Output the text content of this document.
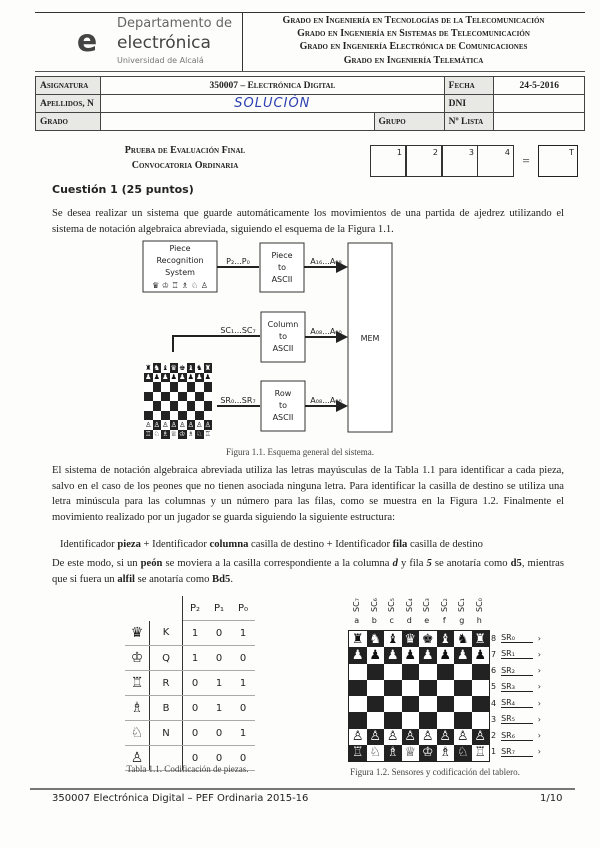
e
Departamento de
electrónica
Universidad de Alcalá
Grado en Ingeniería en Tecnologías de la Telecomunicación
Grado en Ingeniería en Sistemas de Telecomunicación
Grado en Ingeniería Electrónica de Comunicaciones
Grado en Ingeniería Telemática
Asignatura	350007 – Electrónica Digital		Fecha	24-5-2016
Apellidos, N	SOLUCIÓN		DNI	
Grado		Grupo	Nº Lista	
Prueba de Evaluación Final
Convocatoria Ordinaria
1	2	3	4
=
T
Cuestión 1 (25 puntos)

Se desea realizar un sistema que guarde automáticamente los movimientos de una partida de ajedrez utilizando el sistema de notación algebraica abreviada, siguiendo el esquema de la Figura 1.1.

Piece
Recognition
System
♛ ♔ ♖ ♗ ♘ ♙
P₂...P₀
Piece
to
ASCII
A₁₆...A₀₈
SC₁...SC₇
Column
to
ASCII
A₀₈...A₀₀
SR₀...SR₇
Row
to
ASCII
A₀₈...A₀₀
MEM
♜ ♞ ♝ ♛ ♚ ♝ ♞ ♜
♟ ♟ ♟ ♟ ♟ ♟ ♟ ♟
♙ ♙ ♙ ♙ ♙ ♙ ♙ ♙
♖ ♘ ♗ ♕ ♔ ♗ ♘ ♖
Figura 1.1. Esquema general del sistema.

El sistema de notación algebraica abreviada utiliza las letras mayúsculas de la Tabla 1.1 para identificar a cada pieza, salvo en el caso de los peones que no tienen asociada ninguna letra. Para identificar la casilla de destino se utiliza una letra minúscula para las columnas y un número para las filas, como se muestra en la Figura 1.2. Finalmente el movimiento realizado por un jugador se guarda siguiendo la siguiente estructura:

Identificador pieza + Identificador columna casilla de destino + Identificador fila casilla de destino

De este modo, si un peón se moviera a la casilla correspondiente a la columna d y fila 5 se anotaría como d5, mientras que si fuera un alfil se anotaría como Bd5.

		P₂	P₁	P₀
♛	K	1	0	1
♔	Q	1	0	0
♖	R	0	1	1
♗	B	0	1	0
♘	N	0	0	1
♙		0	0	0
Tabla 1.1. Codificación de piezas.
SC₇
a
SC₆
b
SC₅
c
SC₄
d
SC₃
e
SC₂
f
SC₁
g
SC₀
h
♜ ♞ ♝ ♛ ♚ ♝ ♞ ♜
♟ ♟ ♟ ♟ ♟ ♟ ♟ ♟
♙ ♙ ♙ ♙ ♙ ♙ ♙ ♙
♖ ♘ ♗ ♕ ♔ ♗ ♘ ♖
8 SR₀	›
7 SR₁	›
6 SR₂	›
5 SR₃	›
4 SR₄	›
3 SR₅	›
2 SR₆	›
1 SR₇	›
Figura 1.2. Sensores y codificación del tablero.
350007 Electrónica Digital – PEF Ordinaria 2015-16	1/10
